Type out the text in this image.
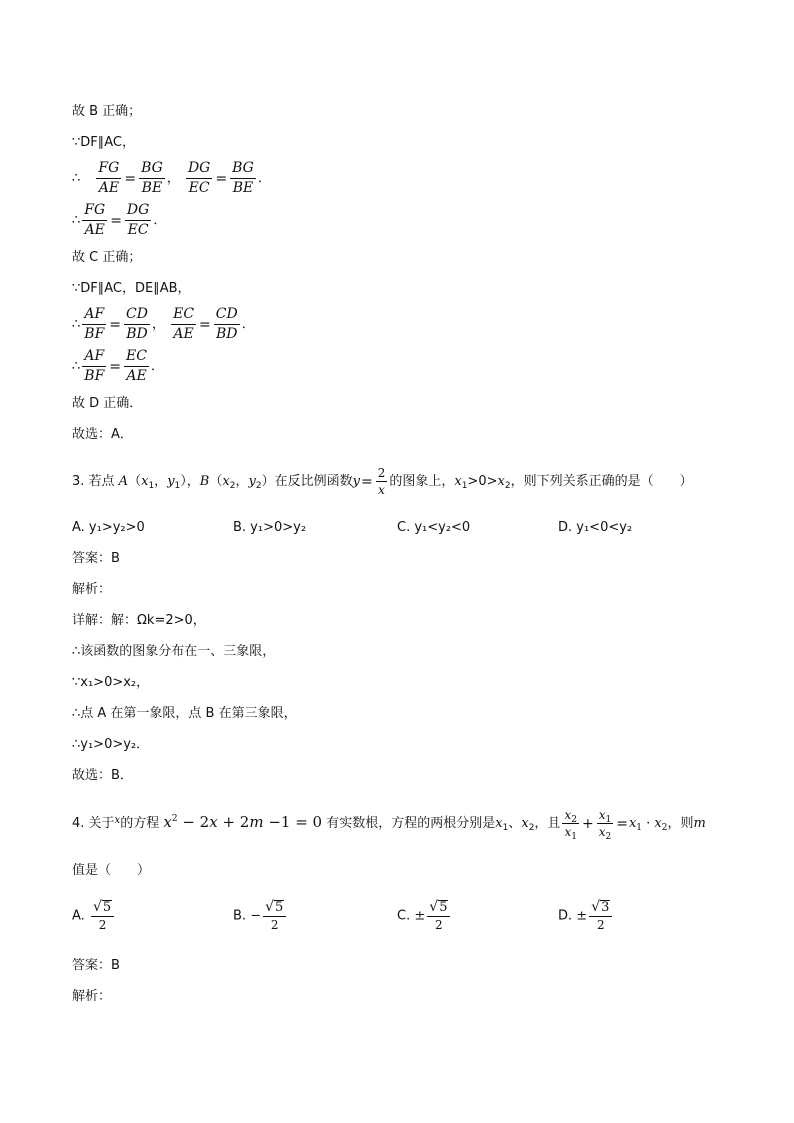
故 B 正确；
∵DF∥AC，
∴ $\frac{FG}{AE} = \frac{BG}{BE}$ ， $\frac{DG}{EC} = \frac{BG}{BE}$ ．
∴ $\frac{FG}{AE} = \frac{DG}{EC}$ ．
故 C 正确；
∵DF∥AC，DE∥AB，
∴ $\frac{AF}{BF} = \frac{CD}{BD}$ ， $\frac{EC}{AE} = \frac{CD}{BD}$ ．
∴ $\frac{AF}{BF} = \frac{EC}{AE}$ ．
故 D 正确．
故选：A．
3. 若点 $A(x_1$，$y_1$），$B(x_2$，$y_2$）在反比例函数$y= \frac{2}{x}$ 的图象上，$x_1>0>x_2$，则下列关系正确的是（　　）
A. y₁>y₂>0	B. y₁>0>y₂	C. y₁<y₂<0	D. y₁<0<y₂
答案：B
解析：
详解：解：Ωk=2>0，
∴该函数的图象分布在一、三象限，
∵x₁>0>x₂，
∴点 A 在第一象限，点 B 在第三象限，
∴y₁>0>y₂．
故选：B．
4. 关于$^x$的方程 $x^2 - 2x + 2m -1 = 0$ 有实数根，方程的两根分别是$x_1$、$x_2$，且 $\frac{x_2}{x_1} + \frac{x_1}{x_2} =x_1 \cdot x_2$，则m
值是（　　）
A. $\frac{√ 5}{2}$	B. − $\frac{√ 5}{2}$	C. ± $\frac{√ 5}{2}$	D. ± $\frac{√ 3}{2}$
答案：B
解析：
